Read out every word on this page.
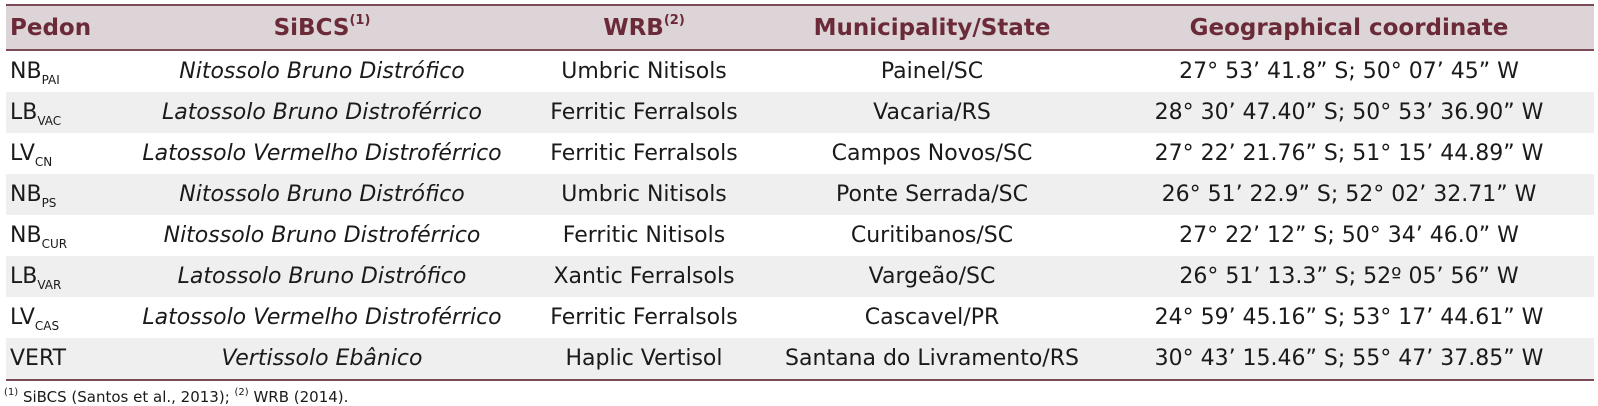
Pedon	SiBCS$^{(1)}$	WRB$^{(2)}$	Municipality/State	Geographical coordinate
$NB_{PAI}$	Nitossolo Bruno Distrófico	Umbric Nitisols	Painel/SC	27° 53’ 41.8” S; 50° 07’ 45” W
$LB_{VAC}$	Latossolo Bruno Distroférrico	Ferritic Ferralsols	Vacaria/RS	28° 30’ 47.40” S; 50° 53’ 36.90” W
$LV_{CN}$	Latossolo Vermelho Distroférrico	Ferritic Ferralsols	Campos Novos/SC	27° 22’ 21.76” S; 51° 15’ 44.89” W
$NB_{PS}$	Nitossolo Bruno Distrófico	Umbric Nitisols	Ponte Serrada/SC	26° 51’ 22.9” S; 52° 02’ 32.71” W
$NB_{CUR}$	Nitossolo Bruno Distroférrico	Ferritic Nitisols	Curitibanos/SC	27° 22’ 12” S; 50° 34’ 46.0” W
$LB_{VAR}$	Latossolo Bruno Distrófico	Xantic Ferralsols	Vargeão/SC	26° 51’ 13.3” S; 52º 05’ 56” W
$LV_{CAS}$	Latossolo Vermelho Distroférrico	Ferritic Ferralsols	Cascavel/PR	24° 59’ 45.16” S; 53° 17’ 44.61” W
VERT	Vertissolo Ebânico	Haplic Vertisol	Santana do Livramento/RS	30° 43’ 15.46” S; 55° 47’ 37.85” W
$^{(1)}$ SiBCS (Santos et al., 2013); $^{(2)}$ WRB (2014).
